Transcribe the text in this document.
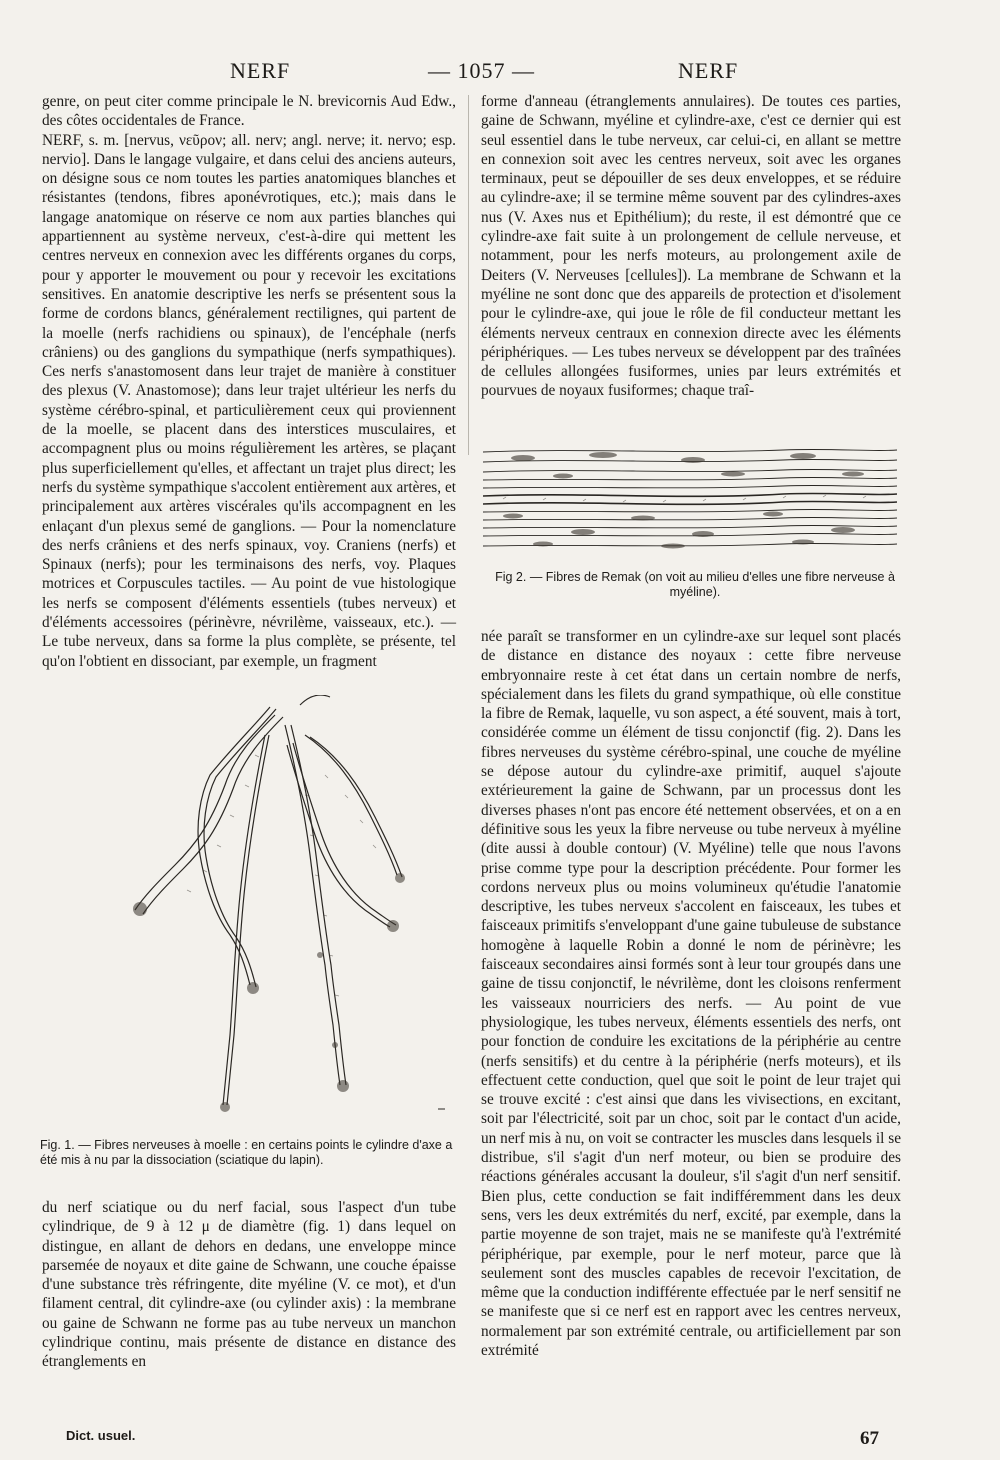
NERF	— 1057 —	NERF

genre, on peut citer comme principale le N. brevicornis Aud Edw., des côtes occidentales de France.

NERF, s. m. [nervus, νεῦρον; all. nerv; angl. nerve; it. nervo; esp. nervio]. Dans le langage vulgaire, et dans celui des anciens auteurs, on désigne sous ce nom toutes les parties anatomiques blanches et résistantes (tendons, fibres aponévrotiques, etc.); mais dans le langage anatomique on réserve ce nom aux parties blanches qui appartiennent au système nerveux, c'est-à-dire qui mettent les centres nerveux en connexion avec les différents organes du corps, pour y apporter le mouvement ou pour y recevoir les excitations sensitives. En anatomie descriptive les nerfs se présentent sous la forme de cordons blancs, généralement rectilignes, qui partent de la moelle (nerfs rachidiens ou spinaux), de l'encéphale (nerfs crâniens) ou des ganglions du sympathique (nerfs sympathiques). Ces nerfs s'anastomosent dans leur trajet de manière à constituer des plexus (V. Anastomose); dans leur trajet ultérieur les nerfs du système cérébro-spinal, et particulièrement ceux qui proviennent de la moelle, se placent dans des interstices musculaires, et accompagnent plus ou moins régulièrement les artères, se plaçant plus superficiellement qu'elles, et affectant un trajet plus direct; les nerfs du système sympathique s'accolent entièrement aux artères, et principalement aux artères viscérales qu'ils accompagnent en les enlaçant d'un plexus semé de ganglions. — Pour la nomenclature des nerfs crâniens et des nerfs spinaux, voy. Craniens (nerfs) et Spinaux (nerfs); pour les terminaisons des nerfs, voy. Plaques motrices et Corpuscules tactiles. — Au point de vue histologique les nerfs se composent d'éléments essentiels (tubes nerveux) et d'éléments accessoires (périnèvre, névrilème, vaisseaux, etc.). — Le tube nerveux, dans sa forme la plus complète, se présente, tel qu'on l'obtient en dissociant, par exemple, un fragment

Fig. 1. — Fibres nerveuses à moelle : en certains points le cylindre d'axe a été mis à nu par la dissociation (sciatique du lapin).

du nerf sciatique ou du nerf facial, sous l'aspect d'un tube cylindrique, de 9 à 12 μ de diamètre (fig. 1) dans lequel on distingue, en allant de dehors en dedans, une enveloppe mince parsemée de noyaux et dite gaine de Schwann, une couche épaisse d'une substance très réfringente, dite myéline (V. ce mot), et d'un filament central, dit cylindre-axe (ou cylinder axis) : la membrane ou gaine de Schwann ne forme pas au tube nerveux un manchon cylindrique continu, mais présente de distance en distance des étranglements en

forme d'anneau (étranglements annulaires). De toutes ces parties, gaine de Schwann, myéline et cylindre-axe, c'est ce dernier qui est seul essentiel dans le tube nerveux, car celui-ci, en allant se mettre en connexion soit avec les centres nerveux, soit avec les organes terminaux, peut se dépouiller de ses deux enveloppes, et se réduire au cylindre-axe; il se termine même souvent par des cylindres-axes nus (V. Axes nus et Epithélium); du reste, il est démontré que ce cylindre-axe fait suite à un prolongement de cellule nerveuse, et notamment, pour les nerfs moteurs, au prolongement axile de Deiters (V. Nerveuses [cellules]). La membrane de Schwann et la myéline ne sont donc que des appareils de protection et d'isolement pour le cylindre-axe, qui joue le rôle de fil conducteur mettant les éléments nerveux centraux en connexion directe avec les éléments périphériques. — Les tubes nerveux se développent par des traînées de cellules allongées fusiformes, unies par leurs extrémités et pourvues de noyaux fusiformes; chaque traî-

Fig 2. — Fibres de Remak (on voit au milieu d'elles une fibre nerveuse à myéline).

née paraît se transformer en un cylindre-axe sur lequel sont placés de distance en distance des noyaux : cette fibre nerveuse embryonnaire reste à cet état dans un certain nombre de nerfs, spécialement dans les filets du grand sympathique, où elle constitue la fibre de Remak, laquelle, vu son aspect, a été souvent, mais à tort, considérée comme un élément de tissu conjonctif (fig. 2). Dans les fibres nerveuses du système cérébro-spinal, une couche de myéline se dépose autour du cylindre-axe primitif, auquel s'ajoute extérieurement la gaine de Schwann, par un processus dont les diverses phases n'ont pas encore été nettement observées, et on a en définitive sous les yeux la fibre nerveuse ou tube nerveux à myéline (dite aussi à double contour) (V. Myéline) telle que nous l'avons prise comme type pour la description précédente. Pour former les cordons nerveux plus ou moins volumineux qu'étudie l'anatomie descriptive, les tubes nerveux s'accolent en faisceaux, les tubes et faisceaux primitifs s'enveloppant d'une gaine tubuleuse de substance homogène à laquelle Robin a donné le nom de périnèvre; les faisceaux secondaires ainsi formés sont à leur tour groupés dans une gaine de tissu conjonctif, le névrilème, dont les cloisons renferment les vaisseaux nourriciers des nerfs. — Au point de vue physiologique, les tubes nerveux, éléments essentiels des nerfs, ont pour fonction de conduire les excitations de la périphérie au centre (nerfs sensitifs) et du centre à la périphérie (nerfs moteurs), et ils effectuent cette conduction, quel que soit le point de leur trajet qui se trouve excité : c'est ainsi que dans les vivisections, en excitant, soit par l'électricité, soit par un choc, soit par le contact d'un acide, un nerf mis à nu, on voit se contracter les muscles dans lesquels il se distribue, s'il s'agit d'un nerf moteur, ou bien se produire des réactions générales accusant la douleur, s'il s'agit d'un nerf sensitif. Bien plus, cette conduction se fait indifféremment dans les deux sens, vers les deux extrémités du nerf, excité, par exemple, dans la partie moyenne de son trajet, mais ne se manifeste qu'à l'extrémité périphérique, par exemple, pour le nerf moteur, parce que là seulement sont des muscles capables de recevoir l'excitation, de même que la conduction indifférente effectuée par le nerf sensitif ne se manifeste que si ce nerf est en rapport avec les centres nerveux, normalement par son extrémité centrale, ou artificiellement par son extrémité

Dict. usuel.	67
